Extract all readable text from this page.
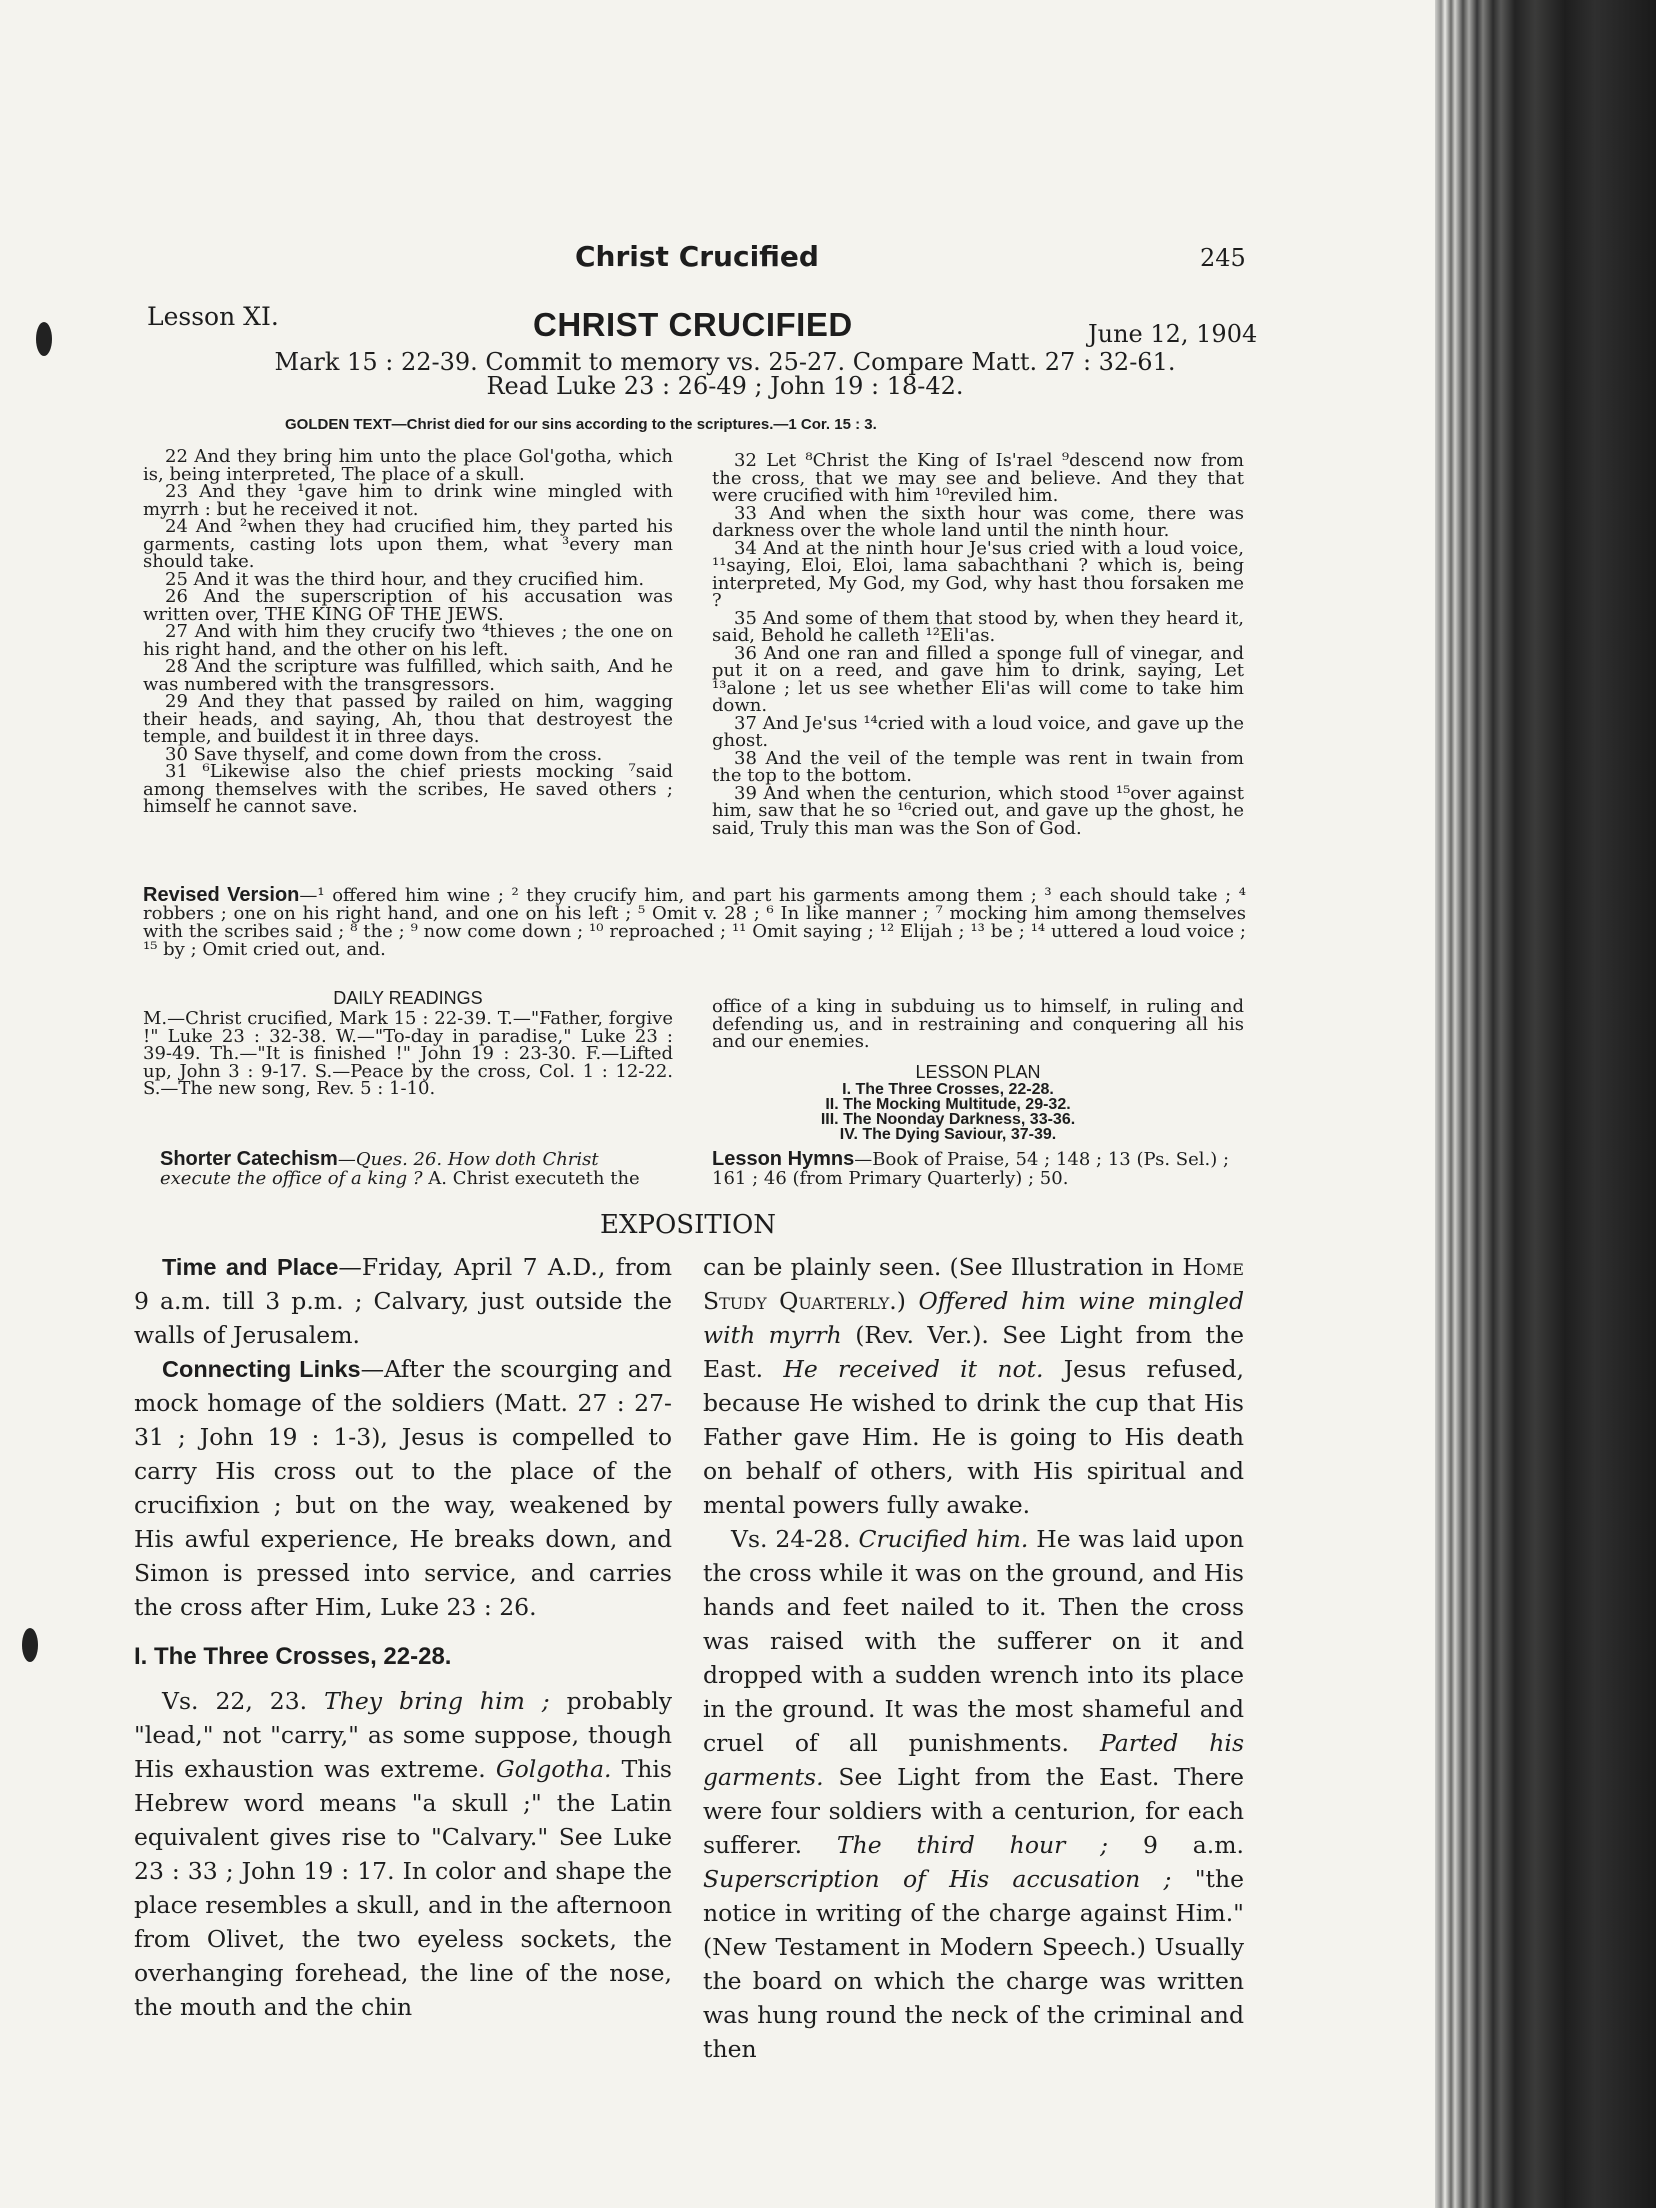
Christ Crucified	245
Lesson XI.	CHRIST CRUCIFIED	June 12, 1904
Mark 15 : 22-39. Commit to memory vs. 25-27. Compare Matt. 27 : 32-61.
Read Luke 23 : 26-49 ; John 19 : 18-42.
GOLDEN TEXT—Christ died for our sins according to the scriptures.—1 Cor. 15 : 3.

22 And they bring him unto the place Gol'gotha, which is, being interpreted, The place of a skull.

23 And they ¹gave him to drink wine mingled with myrrh : but he received it not.

24 And ²when they had crucified him, they parted his garments, casting lots upon them, what ³every man should take.

25 And it was the third hour, and they crucified him.

26 And the superscription of his accusation was written over, THE KING OF THE JEWS.

27 And with him they crucify two ⁴thieves ; the one on his right hand, and the other on his left.

28 And the scripture was fulfilled, which saith, And he was numbered with the transgressors.

29 And they that passed by railed on him, wagging their heads, and saying, Ah, thou that destroyest the temple, and buildest it in three days.

30 Save thyself, and come down from the cross.

31 ⁶Likewise also the chief priests mocking ⁷said among themselves with the scribes, He saved others ; himself he cannot save.

32 Let ⁸Christ the King of Is'rael ⁹descend now from the cross, that we may see and believe. And they that were crucified with him ¹⁰reviled him.

33 And when the sixth hour was come, there was darkness over the whole land until the ninth hour.

34 And at the ninth hour Je'sus cried with a loud voice, ¹¹saying, Eloi, Eloi, lama sabachthani ? which is, being interpreted, My God, my God, why hast thou forsaken me ?

35 And some of them that stood by, when they heard it, said, Behold he calleth ¹²Eli'as.

36 And one ran and filled a sponge full of vinegar, and put it on a reed, and gave him to drink, saying, Let ¹³alone ; let us see whether Eli'as will come to take him down.

37 And Je'sus ¹⁴cried with a loud voice, and gave up the ghost.

38 And the veil of the temple was rent in twain from the top to the bottom.

39 And when the centurion, which stood ¹⁵over against him, saw that he so ¹⁶cried out, and gave up the ghost, he said, Truly this man was the Son of God.

Revised Version—¹ offered him wine ; ² they crucify him, and part his garments among them ; ³ each should take ; ⁴ robbers ; one on his right hand, and one on his left ; ⁵ Omit v. 28 ; ⁶ In like manner ; ⁷ mocking him among themselves with the scribes said ; ⁸ the ; ⁹ now come down ; ¹⁰ reproached ; ¹¹ Omit saying ; ¹² Elijah ; ¹³ be ; ¹⁴ uttered a loud voice ; ¹⁵ by ; Omit cried out, and.
DAILY READINGS

M.—Christ crucified, Mark 15 : 22-39. T.—"Father, forgive !" Luke 23 : 32-38. W.—"To-day in paradise," Luke 23 : 39-49. Th.—"It is finished !" John 19 : 23-30. F.—Lifted up, John 3 : 9-17. S.—Peace by the cross, Col. 1 : 12-22. S.—The new song, Rev. 5 : 1-10.

Shorter Catechism—Ques. 26. How doth Christ execute the office of a king ? A. Christ executeth the

office of a king in subduing us to himself, in ruling and defending us, and in restraining and conquering all his and our enemies.

LESSON PLAN
I. The Three Crosses, 22-28.
II. The Mocking Multitude, 29-32.
III. The Noonday Darkness, 33-36.
IV. The Dying Saviour, 37-39.
Lesson Hymns—Book of Praise, 54 ; 148 ; 13 (Ps. Sel.) ; 161 ; 46 (from Primary Quarterly) ; 50.
EXPOSITION

Time and Place—Friday, April 7 A.D., from 9 a.m. till 3 p.m. ; Calvary, just outside the walls of Jerusalem.

Connecting Links—After the scourging and mock homage of the soldiers (Matt. 27 : 27-31 ; John 19 : 1-3), Jesus is compelled to carry His cross out to the place of the crucifixion ; but on the way, weakened by His awful experience, He breaks down, and Simon is pressed into service, and carries the cross after Him, Luke 23 : 26.

I. The Three Crosses, 22-28.

Vs. 22, 23. They bring him ; probably "lead," not "carry," as some suppose, though His exhaustion was extreme. Golgotha. This Hebrew word means "a skull ;" the Latin equivalent gives rise to "Calvary." See Luke 23 : 33 ; John 19 : 17. In color and shape the place resembles a skull, and in the afternoon from Olivet, the two eyeless sockets, the overhanging forehead, the line of the nose, the mouth and the chin

can be plainly seen. (See Illustration in Home Study Quarterly.) Offered him wine mingled with myrrh (Rev. Ver.). See Light from the East. He received it not. Jesus refused, because He wished to drink the cup that His Father gave Him. He is going to His death on behalf of others, with His spiritual and mental powers fully awake.

Vs. 24-28. Crucified him. He was laid upon the cross while it was on the ground, and His hands and feet nailed to it. Then the cross was raised with the sufferer on it and dropped with a sudden wrench into its place in the ground. It was the most shameful and cruel of all punishments. Parted his garments. See Light from the East. There were four soldiers with a centurion, for each sufferer. The third hour ; 9 a.m. Superscription of His accusation ; "the notice in writing of the charge against Him." (New Testament in Modern Speech.) Usually the board on which the charge was written was hung round the neck of the criminal and then
